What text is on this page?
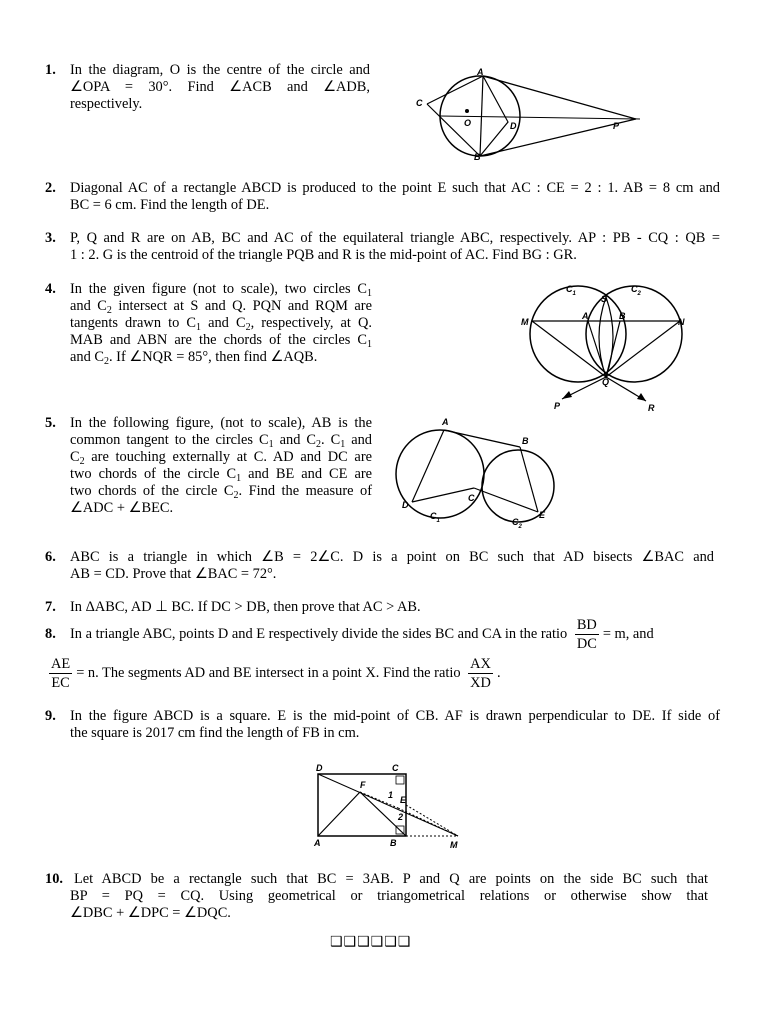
1. In the diagram, O is the centre of the circle and
∠OPA = 30°. Find ∠ACB and ∠ADB,
respectively.
A
C
O	D
B
P
2. Diagonal AC of a rectangle ABCD is produced to the point E such that AC : CE = 2 : 1. AB = 8 cm and
BC = 6 cm. Find the length of DE.
3. P, Q and R are on AB, BC and AC of the equilateral triangle ABC, respectively. AP : PB - CQ : QB =
1 : 2. G is the centroid of the triangle PQB and R is the mid-point of AC. Find BG : GR.
4. In the given figure (not to scale), two circles $C_1$
and $C_2$ intersect at S and Q. PQN and RQM are
tangents drawn to $C_1$ and $C_2$, respectively, at Q.
MAB and ABN are the chords of the circles $C_1$
and $C_2$. If ∠NQR = 85°, then find ∠AQB.
$C_1$	$C_2$
S
M
A	B
N
Q
P	R
5. In the following figure, (not to scale), AB is the
common tangent to the circles $C_1$ and $C_2$. $C_1$ and
$C_2$ are touching externally at C. AD and DC are
two chords of the circle $C_1$ and BE and CE are
two chords of the circle $C_2$. Find the measure of
∠ADC + ∠BEC.
A
B
C
D
E
$C_1$	$C_2$
6. ABC is a triangle in which ∠B = 2∠C. D is a point on BC such that AD bisects ∠BAC and
AB = CD. Prove that ∠BAC = 72°.
7. In ΔABC, AD ⊥ BC. If DC > DB, then prove that AC > AB.
8. In a triangle ABC, points D and E respectively divide the sides BC and CA in the ratio $\frac{BD}{DC} = m$, and
$\frac{AE}{EC} = n$. The segments AD and BE intersect in a point X. Find the ratio $\frac{AX}{XD}$ .
9. In the figure ABCD is a square. E is the mid-point of CB. AF is drawn perpendicular to DE. If side of
the square is 2017 cm find the length of FB in cm.
D	C
F
E
1
2
A	B	M
10. Let ABCD be a rectangle such that BC = 3AB. P and Q are points on the side BC such that
BP = PQ = CQ. Using geometrical or triangometrical relations or otherwise show that
∠DBC + ∠DPC = ∠DQC.
❑❑❑❑❑❑
